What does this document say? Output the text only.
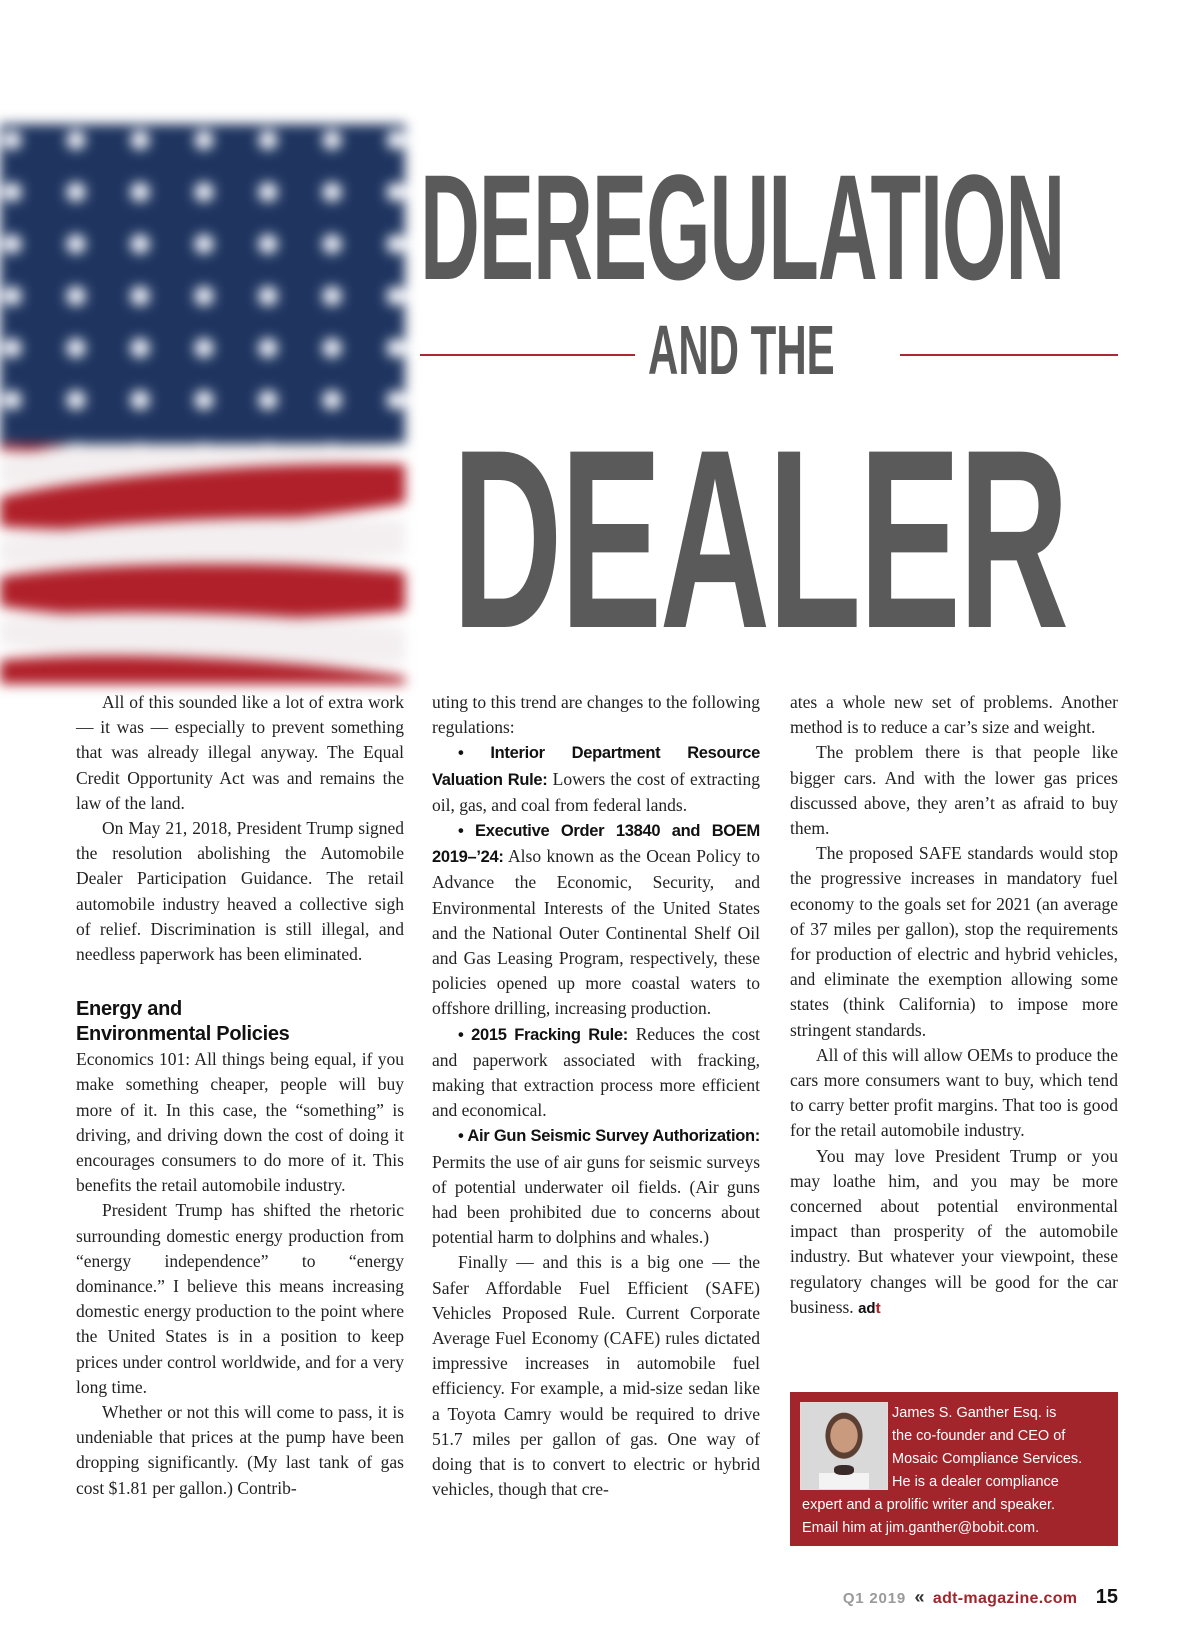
DEREGULATION
AND THE
DEALER

All of this sounded like a lot of extra work — it was — especially to prevent something that was already illegal anyway. The Equal Credit Opportunity Act was and remains the law of the land.

On May 21, 2018, President Trump signed the resolution abolishing the Automobile Dealer Participation Guidance. The retail automobile industry heaved a collective sigh of relief. Discrimination is still illegal, and needless paperwork has been eliminated.

Energy and
Environmental Policies

Economics 101: All things being equal, if you make something cheaper, people will buy more of it. In this case, the “something” is driving, and driving down the cost of doing it encourages consumers to do more of it. This benefits the retail automobile industry.

President Trump has shifted the rhetoric surrounding domestic energy production from “energy independence” to “energy dominance.” I believe this means increasing domestic energy production to the point where the United States is in a position to keep prices under control worldwide, and for a very long time.

Whether or not this will come to pass, it is undeniable that prices at the pump have been dropping significantly. (My last tank of gas cost $1.81 per gallon.) Contrib-

uting to this trend are changes to the following regulations:

• Interior Department Resource Valuation Rule: Lowers the cost of extracting oil, gas, and coal from federal lands.

• Executive Order 13840 and BOEM 2019–’24: Also known as the Ocean Policy to Advance the Economic, Security, and Environmental Interests of the United States and the National Outer Continental Shelf Oil and Gas Leasing Program, respectively, these policies opened up more coastal waters to offshore drilling, increasing production.

• 2015 Fracking Rule: Reduces the cost and paperwork associated with fracking, making that extraction process more efficient and economical.

• Air Gun Seismic Survey Authorization: Permits the use of air guns for seismic surveys of potential underwater oil fields. (Air guns had been prohibited due to concerns about potential harm to dolphins and whales.)

Finally — and this is a big one — the Safer Affordable Fuel Efficient (SAFE) Vehicles Proposed Rule. Current Corporate Average Fuel Economy (CAFE) rules dictated impressive increases in automobile fuel efficiency. For example, a mid-size sedan like a Toyota Camry would be required to drive 51.7 miles per gallon of gas. One way of doing that is to convert to electric or hybrid vehicles, though that cre-

ates a whole new set of problems. Another method is to reduce a car’s size and weight.

The problem there is that people like bigger cars. And with the lower gas prices discussed above, they aren’t as afraid to buy them.

The proposed SAFE standards would stop the progressive increases in mandatory fuel economy to the goals set for 2021 (an average of 37 miles per gallon), stop the requirements for production of electric and hybrid vehicles, and eliminate the exemption allowing some states (think California) to impose more stringent standards.

All of this will allow OEMs to produce the cars more consumers want to buy, which tend to carry better profit margins. That too is good for the retail automobile industry.

You may love President Trump or you may loathe him, and you may be more concerned about potential environmental impact than prosperity of the automobile industry. But whatever your viewpoint, these regulatory changes will be good for the car business. adt

James S. Ganther Esq. is
the co-founder and CEO of
Mosaic Compliance Services.
He is a dealer compliance
expert and a prolific writer and speaker.
Email him at jim.ganther@bobit.com.
Q1 2019 « adt-magazine.com 15
